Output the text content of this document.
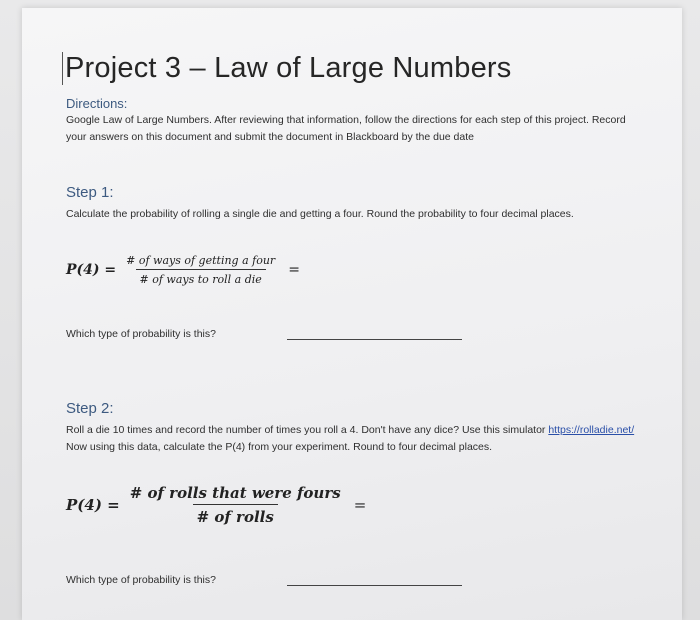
Project 3 – Law of Large Numbers
Directions:
Google Law of Large Numbers. After reviewing that information, follow the directions for each step of this project. Record your answers on this document and submit the document in Blackboard by the due date
Step 1:
Calculate the probability of rolling a single die and getting a four. Round the probability to four decimal places.
$P(4) = \frac{\text{\# of ways of getting a four}}{\text{\# of ways to roll a die}}$ =
Which type of probability is this?
Step 2:
Roll a die 10 times and record the number of times you roll a 4. Don't have any dice? Use this simulator https://rolladie.net/ Now using this data, calculate the P(4) from your experiment. Round to four decimal places.
$P(4) = \frac{\text{\# of rolls that were fours}}{\text{\# of rolls}}$ =
Which type of probability is this?
